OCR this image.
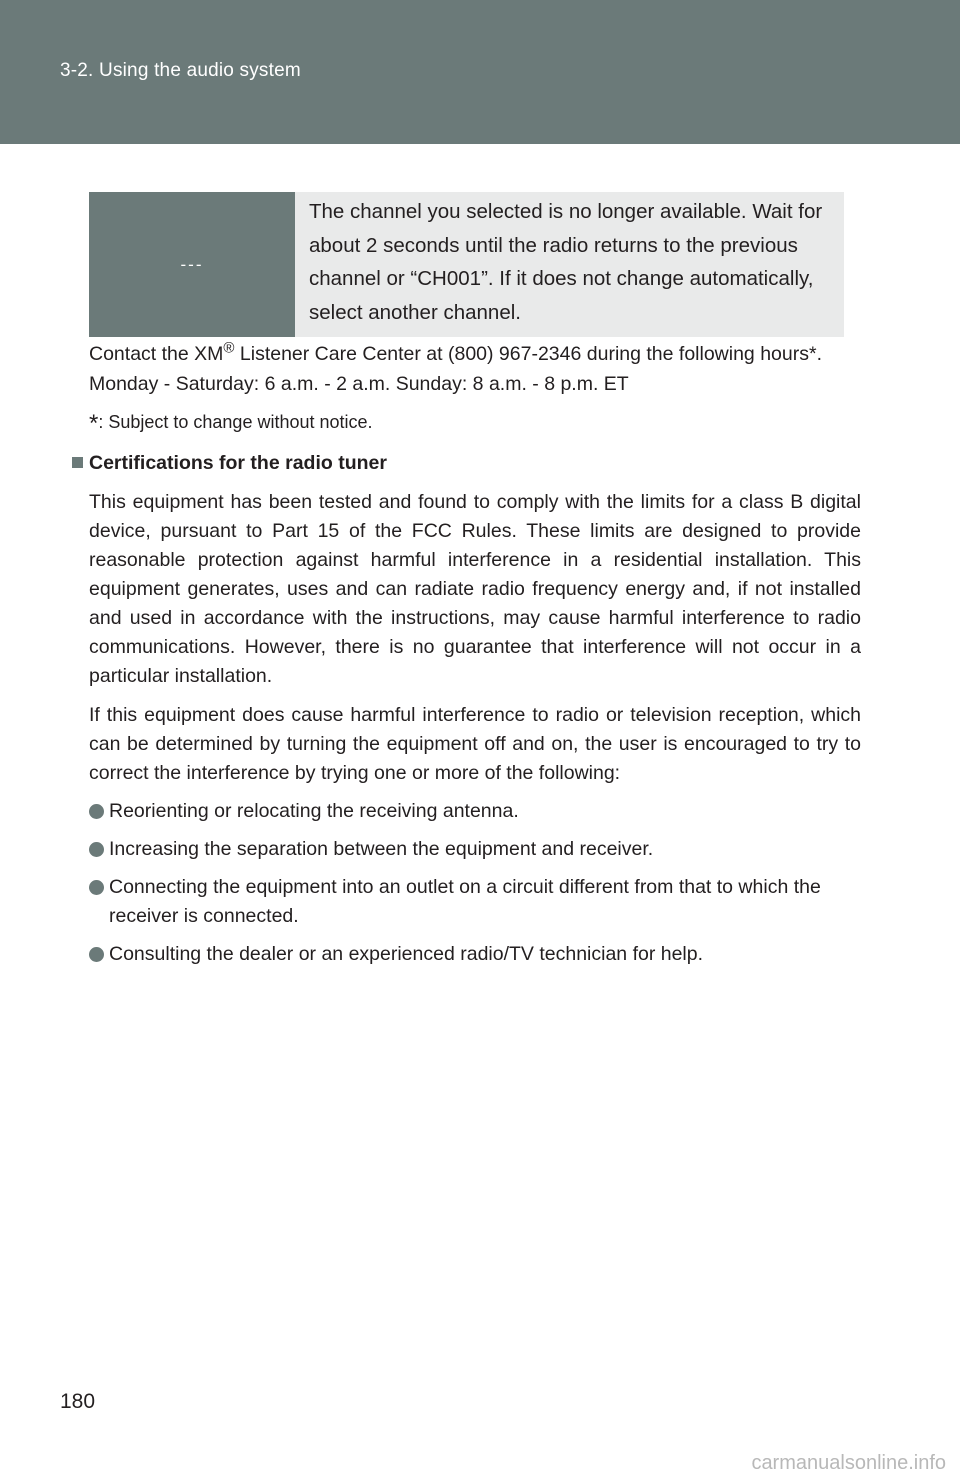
3-2. Using the audio system
---
The channel you selected is no longer available. Wait for about 2 seconds until the radio returns to the previous channel or “CH001”. If it does not change automatically, select another channel.

Contact the XM® Listener Care Center at (800) 967-2346 during the following hours*.
Monday - Saturday: 6 a.m. - 2 a.m. Sunday: 8 a.m. - 8 p.m. ET

*: Subject to change without notice.

Certifications for the radio tuner

This equipment has been tested and found to comply with the limits for a class B digital device, pursuant to Part 15 of the FCC Rules. These limits are designed to provide reasonable protection against harmful interference in a residential installation. This equipment generates, uses and can radiate radio frequency energy and, if not installed and used in accordance with the instructions, may cause harmful interference to radio communications. However, there is no guarantee that interference will not occur in a particular installation.

If this equipment does cause harmful interference to radio or television reception, which can be determined by turning the equipment off and on, the user is encouraged to try to correct the interference by trying one or more of the following:

Reorienting or relocating the receiving antenna.
Increasing the separation between the equipment and receiver.
Connecting the equipment into an outlet on a circuit different from that to which the receiver is connected.
Consulting the dealer or an experienced radio/TV technician for help.
180
carmanualsonline.info
